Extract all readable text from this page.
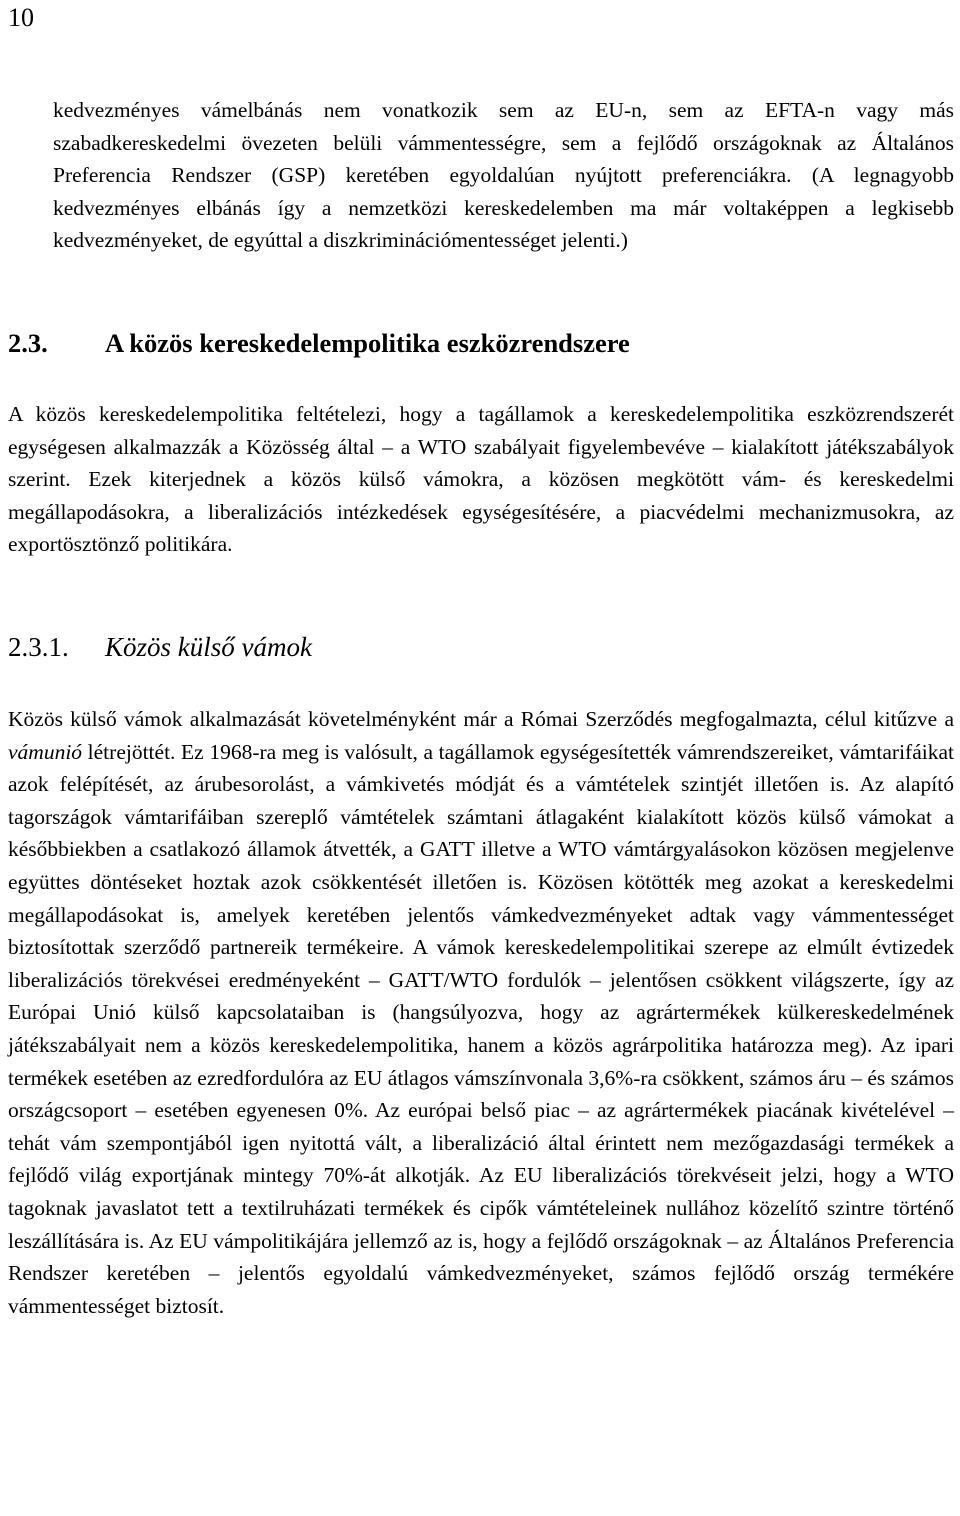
10

kedvezményes vámelbánás nem vonatkozik sem az EU-n, sem az EFTA-n vagy más szabadkereskedelmi övezeten belüli vámmentességre, sem a fejlődő országoknak az Általános Preferencia Rendszer (GSP) keretében egyoldalúan nyújtott preferenciákra. (A legnagyobb kedvezményes elbánás így a nemzetközi kereskedelemben ma már voltaképpen a legkisebb kedvezményeket, de egyúttal a diszkriminációmentességet jelenti.)

2.3. A közös kereskedelempolitika eszközrendszere

A közös kereskedelempolitika feltételezi, hogy a tagállamok a kereskedelempolitika eszközrendszerét egységesen alkalmazzák a Közösség által – a WTO szabályait figyelembevéve – kialakított játékszabályok szerint. Ezek kiterjednek a közös külső vámokra, a közösen megkötött vám- és kereskedelmi megállapodásokra, a liberalizációs intézkedések egységesítésére, a piacvédelmi mechanizmusokra, az exportösztönző politikára.

2.3.1. Közös külső vámok

Közös külső vámok alkalmazását követelményként már a Római Szerződés megfogalmazta, célul kitűzve a vámunió létrejöttét. Ez 1968-ra meg is valósult, a tagállamok egységesítették vámrendszereiket, vámtarifáikat azok felépítését, az árubesorolást, a vámkivetés módját és a vámtételek szintjét illetően is. Az alapító tagországok vámtarifáiban szereplő vámtételek számtani átlagaként kialakított közös külső vámokat a későbbiekben a csatlakozó államok átvették, a GATT illetve a WTO vámtárgyalásokon közösen megjelenve együttes döntéseket hoztak azok csökkentését illetően is. Közösen kötötték meg azokat a kereskedelmi megállapodásokat is, amelyek keretében jelentős vámkedvezményeket adtak vagy vámmentességet biztosítottak szerződő partnereik termékeire. A vámok kereskedelempolitikai szerepe az elmúlt évtizedek liberalizációs törekvései eredményeként – GATT/WTO fordulók – jelentősen csökkent világszerte, így az Európai Unió külső kapcsolataiban is (hangsúlyozva, hogy az agrártermékek külkereskedelmének játékszabályait nem a közös kereskedelempolitika, hanem a közös agrárpolitika határozza meg). Az ipari termékek esetében az ezredfordulóra az EU átlagos vámszínvonala 3,6%-ra csökkent, számos áru – és számos országcsoport – esetében egyenesen 0%. Az európai belső piac – az agrártermékek piacának kivételével – tehát vám szempontjából igen nyitottá vált, a liberalizáció által érintett nem mezőgazdasági termékek a fejlődő világ exportjának mintegy 70%-át alkotják. Az EU liberalizációs törekvéseit jelzi, hogy a WTO tagoknak javaslatot tett a textilruházati termékek és cipők vámtételeinek nullához közelítő szintre történő leszállítására is. Az EU vámpolitikájára jellemző az is, hogy a fejlődő országoknak – az Általános Preferencia Rendszer keretében – jelentős egyoldalú vámkedvezményeket, számos fejlődő ország termékére vámmentességet biztosít.
